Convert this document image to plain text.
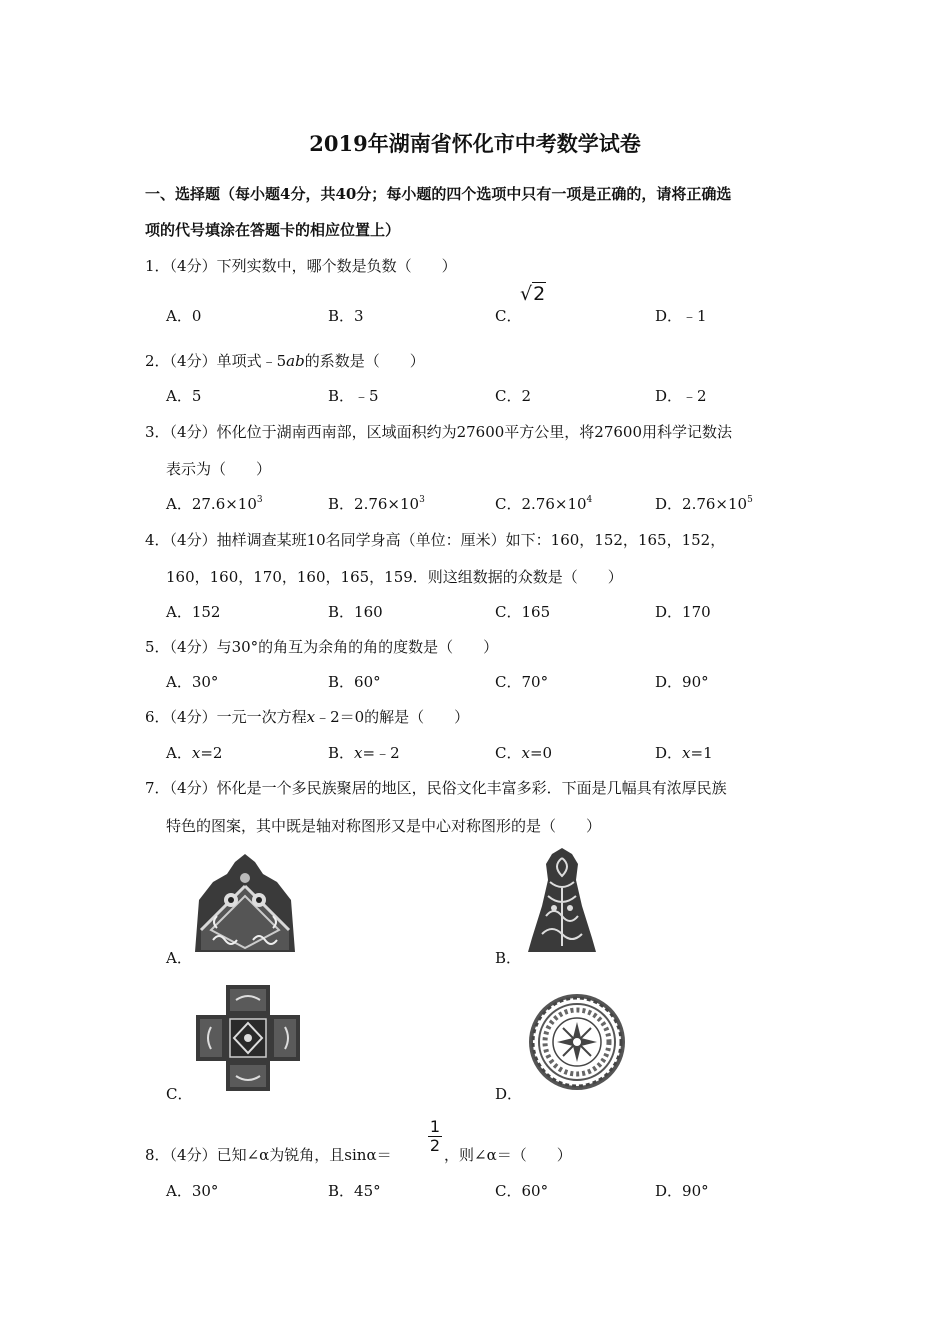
2019年湖南省怀化市中考数学试卷
一、选择题（每小题4分，共40分；每小题的四个选项中只有一项是正确的，请将正确选
项的代号填涂在答题卡的相应位置上）
1．（4分）下列实数中，哪个数是负数（　　）
A．0	B．3	C．
√2
D．﹣1
2．（4分）单项式﹣5ab的系数是（　　）
A．5	B．﹣5	C．2	D．﹣2
3．（4分）怀化位于湖南西南部，区域面积约为27600平方公里，将27600用科学记数法
表示为（　　）
A．$27.6\times 10^3$	B．$2.76\times 10^3$	C．$2.76\times 10^4$	D．$2.76\times 10^5$
4．（4分）抽样调查某班10名同学身高（单位：厘米）如下：160，152，165，152，
160，160，170，160，165，159．则这组数据的众数是（　　）
A．152	B．160	C．165	D．170
5．（4分）与30°的角互为余角的角的度数是（　　）
A．30°	B．60°	C．70°	D．90°
6．（4分）一元一次方程x﹣2＝0的解是（　　）
A．x=2	B．x=﹣2	C．x=0	D．x=1
7．（4分）怀化是一个多民族聚居的地区，民俗文化丰富多彩．下面是几幅具有浓厚民族
特色的图案，其中既是轴对称图形又是中心对称图形的是（　　）
A．	B．
C．	D．
8．（4分）已知∠α为锐角，且$\sin\alpha= \frac{1}{2}$ ，则∠α＝（　　）
A．30°	B．45°	C．60°	D．90°
